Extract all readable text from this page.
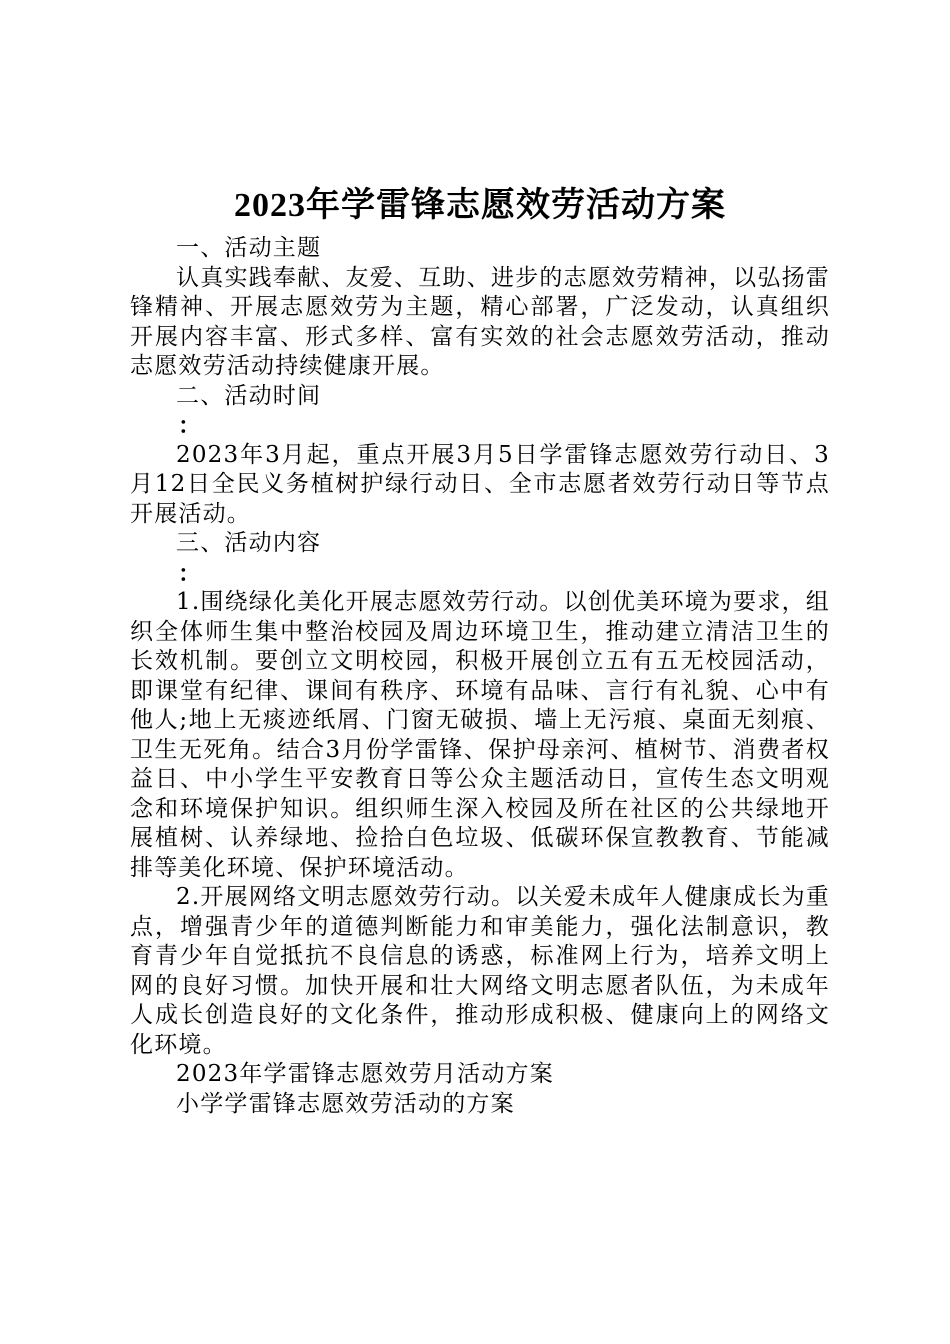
2023年学雷锋志愿效劳活动方案

一、活动主题

认真实践奉献、友爱、互助、进步的志愿效劳精神，以弘扬雷锋精神、开展志愿效劳为主题，精心部署，广泛发动，认真组织开展内容丰富、形式多样、富有实效的社会志愿效劳活动，推动志愿效劳活动持续健康开展。

二、活动时间

：

2023年3月起，重点开展3月5日学雷锋志愿效劳行动日、3月12日全民义务植树护绿行动日、全市志愿者效劳行动日等节点开展活动。

三、活动内容

：

1.围绕绿化美化开展志愿效劳行动。以创优美环境为要求，组织全体师生集中整治校园及周边环境卫生，推动建立清洁卫生的长效机制。要创立文明校园，积极开展创立五有五无校园活动，即课堂有纪律、课间有秩序、环境有品味、言行有礼貌、心中有他人;地上无痰迹纸屑、门窗无破损、墙上无污痕、桌面无刻痕、卫生无死角。结合3月份学雷锋、保护母亲河、植树节、消费者权益日、中小学生平安教育日等公众主题活动日，宣传生态文明观念和环境保护知识。组织师生深入校园及所在社区的公共绿地开展植树、认养绿地、捡拾白色垃圾、低碳环保宣教教育、节能减排等美化环境、保护环境活动。

2.开展网络文明志愿效劳行动。以关爱未成年人健康成长为重点，增强青少年的道德判断能力和审美能力，强化法制意识，教育青少年自觉抵抗不良信息的诱惑，标准网上行为，培养文明上网的良好习惯。加快开展和壮大网络文明志愿者队伍，为未成年人成长创造良好的文化条件，推动形成积极、健康向上的网络文化环境。

2023年学雷锋志愿效劳月活动方案

小学学雷锋志愿效劳活动的方案
